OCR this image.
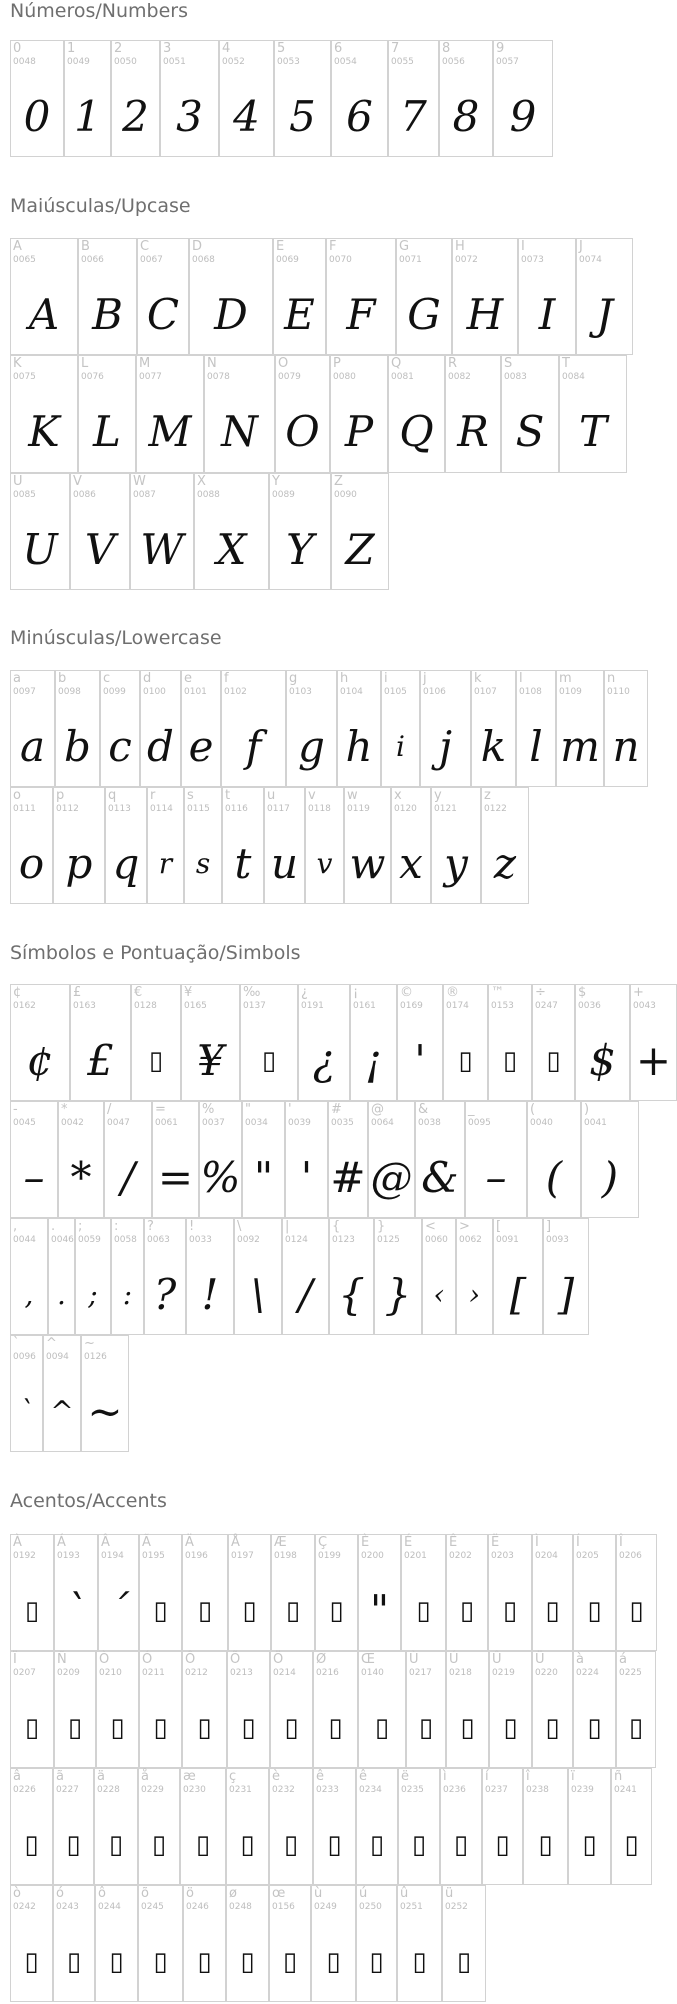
Números/Numbers
0
0048
0
1
0049
1
2
0050
2
3
0051
3
4
0052
4
5
0053
5
6
0054
6
7
0055
7
8
0056
8
9
0057
9
Maiúsculas/Upcase
A
0065
A
B
0066
B
C
0067
C
D
0068
D
E
0069
E
F
0070
F
G
0071
G
H
0072
H
I
0073
I
J
0074
J
K
0075
K
L
0076
L
M
0077
M
N
0078
N
O
0079
O
P
0080
P
Q
0081
Q
R
0082
R
S
0083
S
T
0084
T
U
0085
U
V
0086
V
W
0087
W
X
0088
X
Y
0089
Y
Z
0090
Z
Minúsculas/Lowercase
a
0097
a
b
0098
b
c
0099
c
d
0100
d
e
0101
e
f
0102
f
g
0103
g
h
0104
h
i
0105
i
j
0106
j
k
0107
k
l
0108
l
m
0109
m
n
0110
n
o
0111
o
p
0112
p
q
0113
q
r
0114
r
s
0115
s
t
0116
t
u
0117
u
v
0118
v
w
0119
w
x
0120
x
y
0121
y
z
0122
z
Símbolos e Pontuação/Simbols
¢
0162
¢
£
0163
£
€
0128
▯
¥
0165
¥
‰
0137
▯
¿
0191
¿
¡
0161
¡
©
0169
'
®
0174
▯
™
0153
▯
÷
0247
▯
$
0036
$
+
0043
+
-
0045
–
*
0042
*
/
0047
/
=
0061
=
%
0037
%
"
0034
"
'
0039
'
#
0035
#
@
0064
@
&
0038
&
_
0095
–
(
0040
(
)
0041
)
,
0044
,
.
0046
.
;
0059
;
:
0058
:
?
0063
?
!
0033
!
\
0092
\
|
0124
/
{
0123
{
}
0125
}
<
0060
‹
>
0062
›
[
0091
[
]
0093
]
`
0096
`
^
0094
^
~
0126
~
Acentos/Accents
À
0192
▯
Á
0193
`
Â
0194
´
Ã
0195
▯
Ä
0196
▯
Å
0197
▯
Æ
0198
▯
Ç
0199
▯
È
0200
"
É
0201
▯
Ê
0202
▯
Ë
0203
▯
Ì
0204
▯
Í
0205
▯
Î
0206
▯
Ï
0207
▯
Ñ
0209
▯
Ò
0210
▯
Ó
0211
▯
Ô
0212
▯
Õ
0213
▯
Ö
0214
▯
Ø
0216
▯
Œ
0140
▯
Ù
0217
▯
Ú
0218
▯
Û
0219
▯
Ü
0220
▯
à
0224
▯
á
0225
▯
â
0226
▯
ã
0227
▯
ä
0228
▯
å
0229
▯
æ
0230
▯
ç
0231
▯
è
0232
▯
ê
0233
▯
ê
0234
▯
ë
0235
▯
ì
0236
▯
í
0237
▯
î
0238
▯
ï
0239
▯
ñ
0241
▯
ò
0242
▯
ó
0243
▯
ô
0244
▯
õ
0245
▯
ö
0246
▯
ø
0248
▯
œ
0156
▯
ù
0249
▯
ú
0250
▯
û
0251
▯
ü
0252
▯
